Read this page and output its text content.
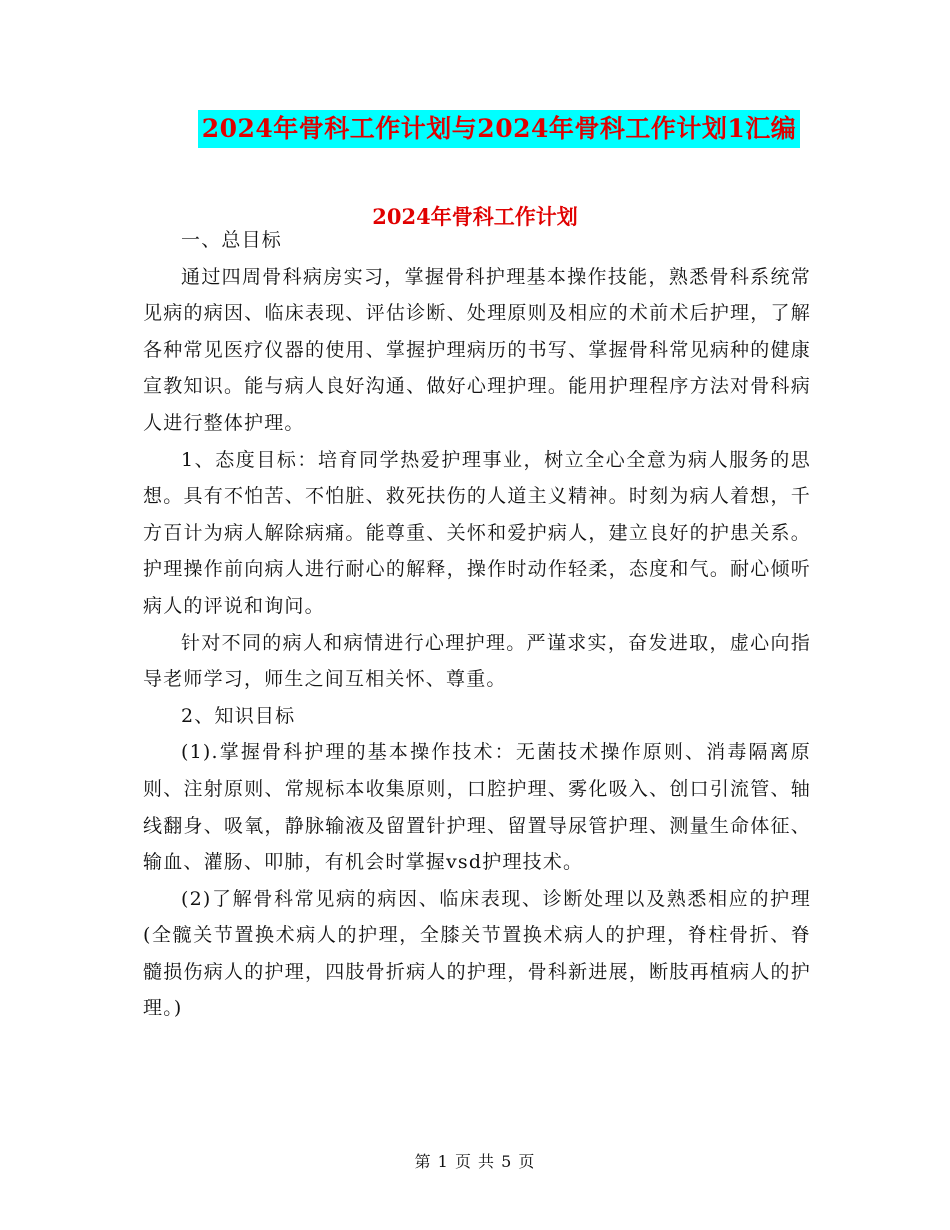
2024年骨科工作计划与2024年骨科工作计划1汇编
2024年骨科工作计划

一、总目标

通过四周骨科病房实习，掌握骨科护理基本操作技能，熟悉骨科系统常见病的病因、临床表现、评估诊断、处理原则及相应的术前术后护理，了解各种常见医疗仪器的使用、掌握护理病历的书写、掌握骨科常见病种的健康宣教知识。能与病人良好沟通、做好心理护理。能用护理程序方法对骨科病人进行整体护理。

1、态度目标：培育同学热爱护理事业，树立全心全意为病人服务的思想。具有不怕苦、不怕脏、救死扶伤的人道主义精神。时刻为病人着想，千方百计为病人解除病痛。能尊重、关怀和爱护病人，建立良好的护患关系。护理操作前向病人进行耐心的解释，操作时动作轻柔，态度和气。耐心倾听病人的评说和询问。

针对不同的病人和病情进行心理护理。严谨求实，奋发进取，虚心向指导老师学习，师生之间互相关怀、尊重。

2、知识目标

(1).掌握骨科护理的基本操作技术：无菌技术操作原则、消毒隔离原则、注射原则、常规标本收集原则，口腔护理、雾化吸入、创口引流管、轴线翻身、吸氧，静脉输液及留置针护理、留置导尿管护理、测量生命体征、输血、灌肠、叩肺，有机会时掌握vsd护理技术。

(2)了解骨科常见病的病因、临床表现、诊断处理以及熟悉相应的护理(全髋关节置换术病人的护理，全膝关节置换术病人的护理，脊柱骨折、脊髓损伤病人的护理，四肢骨折病人的护理，骨科新进展，断肢再植病人的护理。)

第 1 页 共 5 页
